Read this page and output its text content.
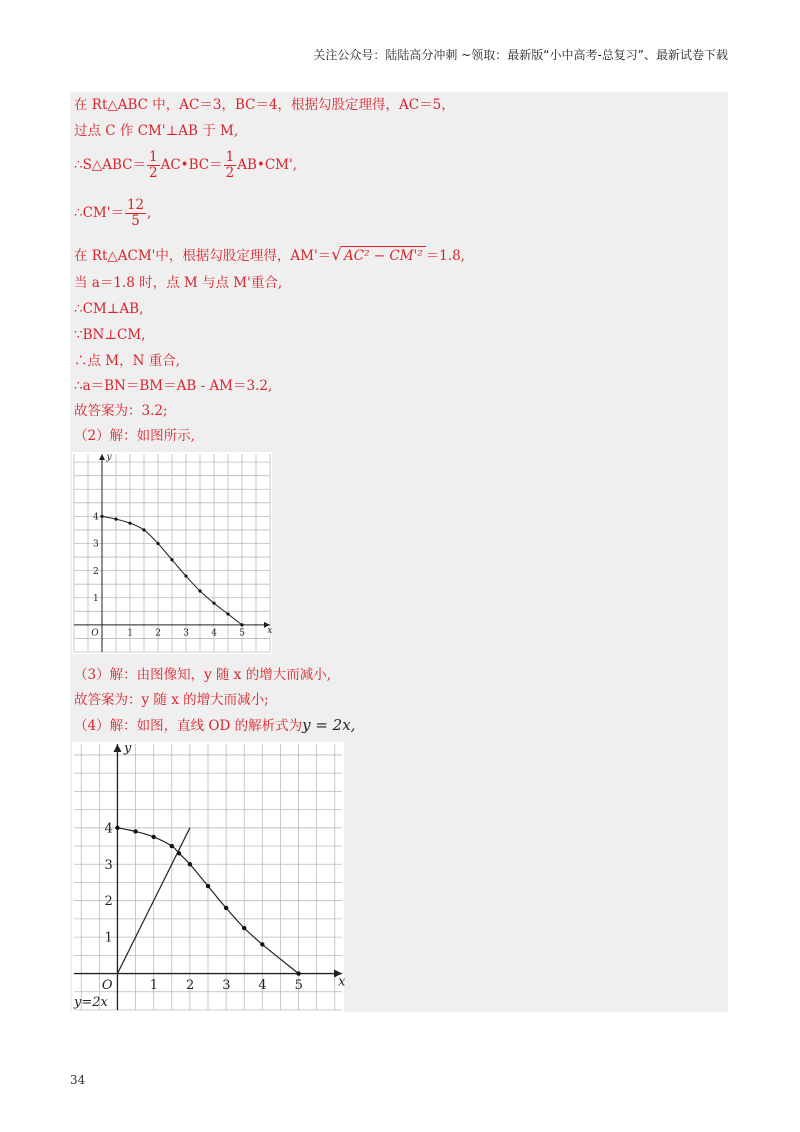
关注公众号：陆陆高分冲刺 ~领取：最新版“小中高考-总复习”、最新试卷下载
在 Rt△ABC 中，AC＝3，BC＝4，根据勾股定理得，AC＝5，
过点 C 作 CM'⊥AB 于 M,
∴S△ABC＝ $\frac{1}{2}$ AC•BC＝ $\frac{1}{2}$ AB•CM',
∴CM'＝ $\frac{12}{5}$ ,
在 Rt△ACM'中，根据勾股定理得，AM'＝√ AC² − CM'² ＝1.8,
当 a＝1.8 时，点 M 与点 M'重合,
∴CM⊥AB,
∵BN⊥CM,
∴点 M，N 重合,
∴a＝BN＝BM＝AB - AM＝3.2,
故答案为：3.2;
（2）解：如图所示,
1 2 3 4 5
1
2
3
4
O	x
y
（3）解：由图像知，y 随 x 的增大而减小,
故答案为：y 随 x 的增大而减小;
（4）解：如图，直线 OD 的解析式为y = 2x,
1 2 3 4 5
1
2
3
4
O	x
y
y=2x
34
